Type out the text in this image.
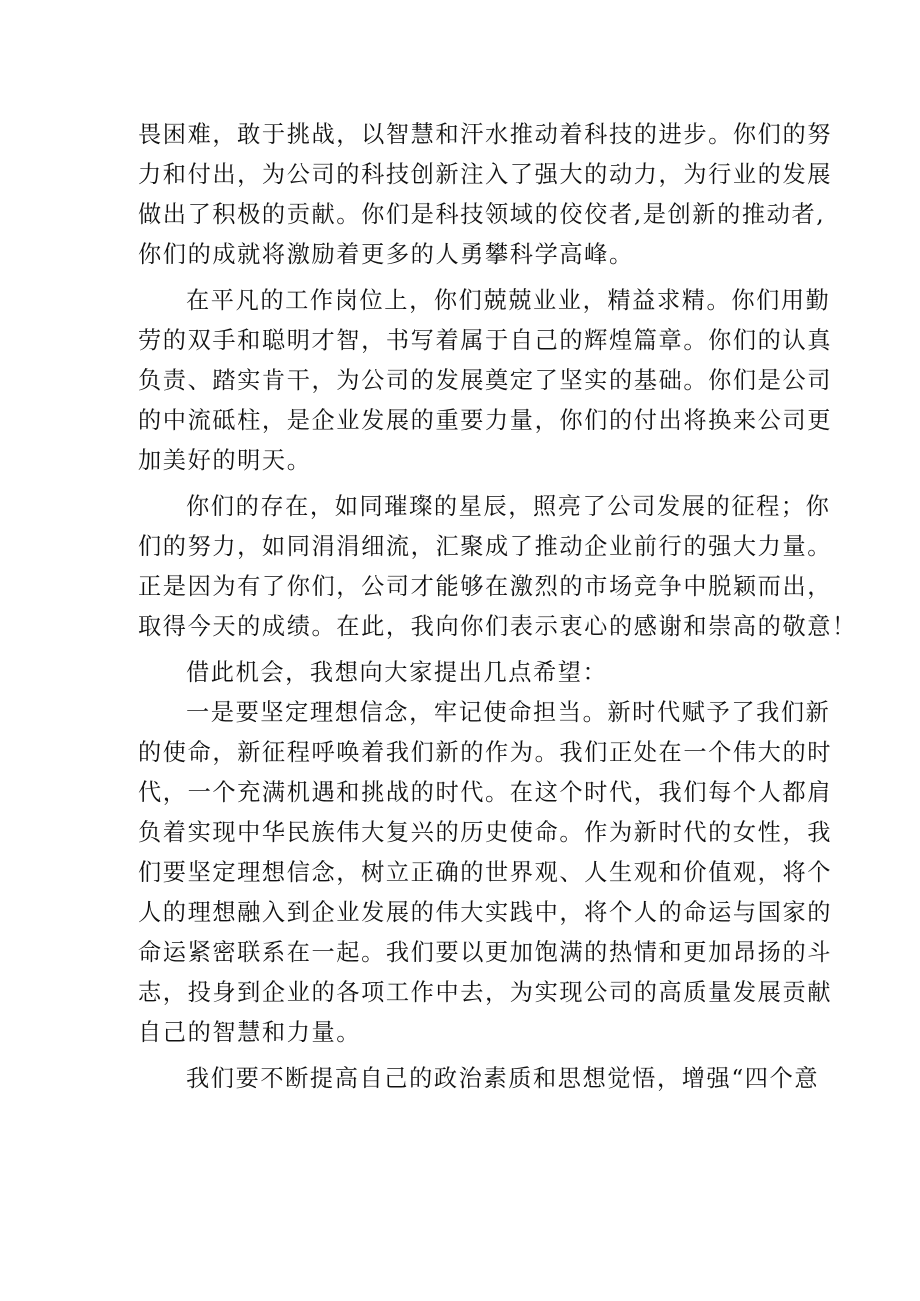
畏困难，敢于挑战，以智慧和汗水推动着科技的进步。你们的努
力和付出，为公司的科技创新注入了强大的动力，为行业的发展
做出了积极的贡献。你们是科技领域的佼佼者,是创新的推动者,
你们的成就将激励着更多的人勇攀科学高峰。
在平凡的工作岗位上，你们兢兢业业，精益求精。你们用勤
劳的双手和聪明才智，书写着属于自己的辉煌篇章。你们的认真
负责、踏实肯干，为公司的发展奠定了坚实的基础。你们是公司
的中流砥柱，是企业发展的重要力量，你们的付出将换来公司更
加美好的明天。
你们的存在，如同璀璨的星辰，照亮了公司发展的征程；你
们的努力，如同涓涓细流，汇聚成了推动企业前行的强大力量。
正是因为有了你们，公司才能够在激烈的市场竞争中脱颖而出，
取得今天的成绩。在此，我向你们表示衷心的感谢和崇高的敬意！
借此机会，我想向大家提出几点希望：
一是要坚定理想信念，牢记使命担当。新时代赋予了我们新
的使命，新征程呼唤着我们新的作为。我们正处在一个伟大的时
代，一个充满机遇和挑战的时代。在这个时代，我们每个人都肩
负着实现中华民族伟大复兴的历史使命。作为新时代的女性，我
们要坚定理想信念，树立正确的世界观、人生观和价值观，将个
人的理想融入到企业发展的伟大实践中，将个人的命运与国家的
命运紧密联系在一起。我们要以更加饱满的热情和更加昂扬的斗
志，投身到企业的各项工作中去，为实现公司的高质量发展贡献
自己的智慧和力量。
我们要不断提高自己的政治素质和思想觉悟，增强“四个意
